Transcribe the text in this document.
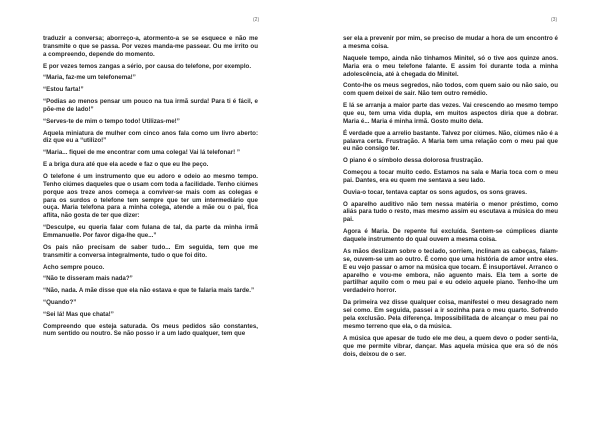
(2)

traduzir a conversa; aborreço-a, atormento-a se se esquece e não me transmite o que se passa. Por vezes manda-me passear. Ou me irrito ou a compreendo, depende do momento.

E por vezes temos zangas a sério, por causa do telefone, por exemplo.

“Maria, faz-me um telefonema!”

“Estou farta!”

“Podias ao menos pensar um pouco na tua irmã surda! Para ti é fácil, e põe-me de lado!”

“Serves-te de mim o tempo todo! Utilizas-me!”

Aquela miniatura de mulher com cinco anos fala como um livro aberto: diz que eu a “utilizo!”

“Maria... fiquei de me encontrar com uma colega! Vai lá telefonar! ”

E a briga dura até que ela acede e faz o que eu lhe peço.

O telefone é um instrumento que eu adoro e odeio ao mesmo tempo. Tenho ciúmes daqueles que o usam com toda a facilidade. Tenho ciúmes porque aos treze anos começa a conviver-se mais com as colegas e para os surdos o telefone tem sempre que ter um intermediário que ouça. Maria telefona para a minha colega, atende a mãe ou o pai, fica aflita, não gosta de ter que dizer:

“Desculpe, eu queria falar com fulana de tal, da parte da minha irmã Emmanuelle. Por favor diga-lhe que...”

Os pais não precisam de saber tudo... Em seguida, tem que me transmitir a conversa integralmente, tudo o que foi dito.

Acho sempre pouco.

“Não te disseram mais nada?”

“Não, nada. A mãe disse que ela não estava e que te falaria mais tarde.”

“Quando?”

“Sei lá! Mas que chata!”

Compreendo que esteja saturada. Os meus pedidos são constantes, num sentido ou noutro. Se não posso ir a um lado qualquer, tem que

(3)

ser ela a prevenir por mim, se preciso de mudar a hora de um encontro é a mesma coisa.

Naquele tempo, ainda não tínhamos Minitel, só o tive aos quinze anos. Maria era o meu telefone falante. E assim foi durante toda a minha adolescência, até à chegada do Minitel.

Conto-lhe os meus segredos, não todos, com quem saio ou não saio, ou com quem deixei de sair. Não tem outro remédio.

E lá se arranja a maior parte das vezes. Vai crescendo ao mesmo tempo que eu, tem uma vida dupla, em muitos aspectos diria que a dobrar. Maria é... Maria é minha irmã. Gosto muito dela.

É verdade que a arrelio bastante. Talvez por ciúmes. Não, ciúmes não é a palavra certa. Frustração. A Maria tem uma relação com o meu pai que eu não consigo ter.

O piano é o símbolo dessa dolorosa frustração.

Começou a tocar muito cedo. Estamos na sala e Maria toca com o meu pai. Dantes, era eu quem me sentava a seu lado.

Ouvia-o tocar, tentava captar os sons agudos, os sons graves.

O aparelho auditivo não tem nessa matéria o menor préstimo, como aliás para tudo o resto, mas mesmo assim eu escutava a música do meu pai.

Agora é Maria. De repente fui excluída. Sentem-se cúmplices diante daquele instrumento do qual ouvem a mesma coisa.

As mãos deslizam sobre o teclado, sorriem, inclinam as cabeças, falam-se, ouvem-se um ao outro. É como que uma história de amor entre eles. E eu vejo passar o amor na música que tocam. É insuportável. Arranco o aparelho e vou-me embora, não aguento mais. Ela tem a sorte de partilhar aquilo com o meu pai e eu odeio aquele piano. Tenho-lhe um verdadeiro horror.

Da primeira vez disse qualquer coisa, manifestei o meu desagrado nem sei como. Em seguida, passei a ir sozinha para o meu quarto. Sofrendo pela exclusão. Pela diferença. Impossibilitada de alcançar o meu pai no mesmo terreno que ela, o da música.

A música que apesar de tudo ele me deu, a quem devo o poder senti-la, que me permite vibrar, dançar. Mas aquela música que era só de nós dois, deixou de o ser.
